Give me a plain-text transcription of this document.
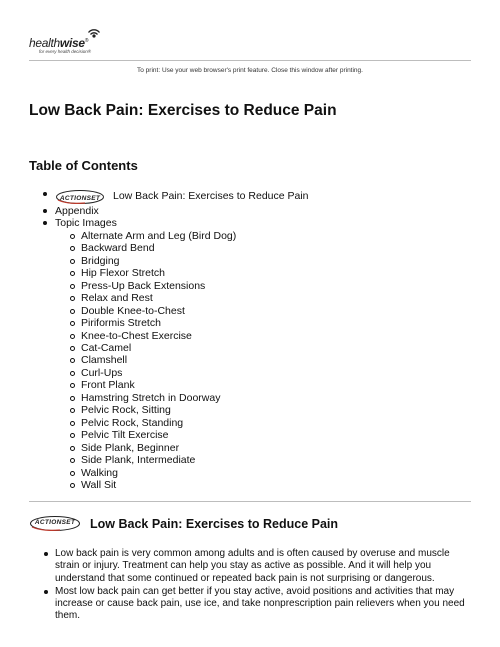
healthwise®
for every health decision®
To print: Use your web browser's print feature. Close this window after printing.
Low Back Pain: Exercises to Reduce Pain
Table of Contents
ACTIONSET	Low Back Pain: Exercises to Reduce Pain
Appendix
Topic Images
Alternate Arm and Leg (Bird Dog)
Backward Bend
Bridging
Hip Flexor Stretch
Press-Up Back Extensions
Relax and Rest
Double Knee-to-Chest
Piriformis Stretch
Knee-to-Chest Exercise
Cat-Camel
Clamshell
Curl-Ups
Front Plank
Hamstring Stretch in Doorway
Pelvic Rock, Sitting
Pelvic Rock, Standing
Pelvic Tilt Exercise
Side Plank, Beginner
Side Plank, Intermediate
Walking
Wall Sit
ACTIONSET	Low Back Pain: Exercises to Reduce Pain
Low back pain is very common among adults and is often caused by overuse and muscle strain or injury. Treatment can help you stay as active as possible. And it will help you understand that some continued or repeated back pain is not surprising or dangerous.
Most low back pain can get better if you stay active, avoid positions and activities that may increase or cause back pain, use ice, and take nonprescription pain relievers when you need them.
